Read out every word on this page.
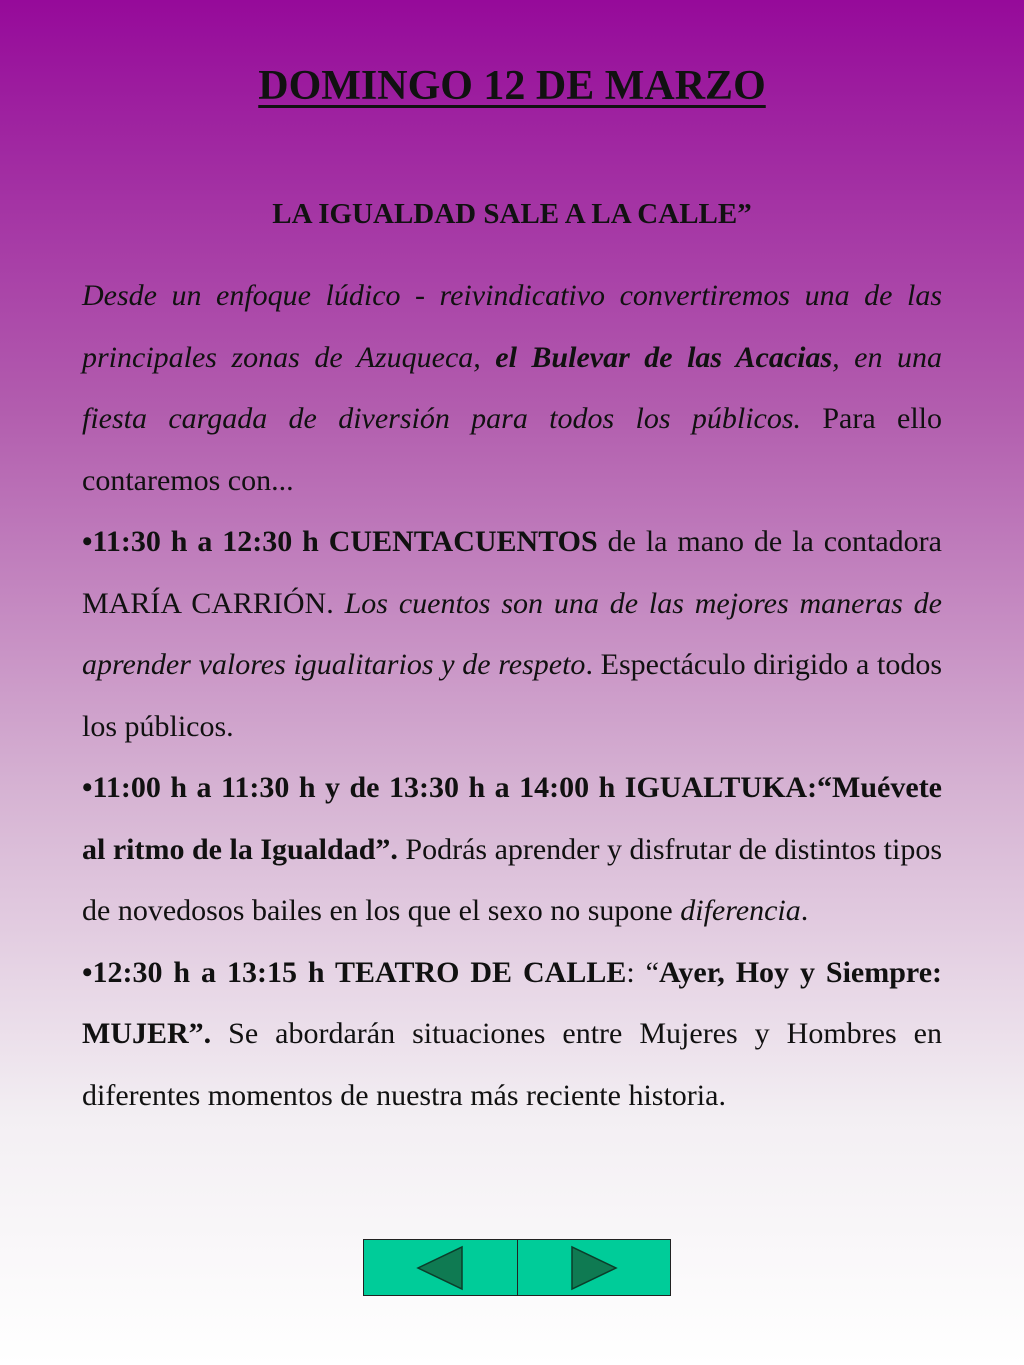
DOMINGO 12 DE MARZO
LA IGUALDAD SALE A LA CALLE”

Desde un enfoque lúdico - reivindicativo convertiremos una de las principales zonas de Azuqueca, el Bulevar de las Acacias, en una fiesta cargada de diversión para todos los públicos. Para ello contaremos con...

•11:30 h a 12:30 h CUENTACUENTOS de la mano de la contadora MARÍA CARRIÓN. Los cuentos son una de las mejores maneras de aprender valores igualitarios y de respeto. Espectáculo dirigido a todos los públicos.

•11:00 h a 11:30 h y de 13:30 h a 14:00 h IGUALTUKA:“Muévete al ritmo de la Igualdad”. Podrás aprender y disfrutar de distintos tipos de novedosos bailes en los que el sexo no supone diferencia.

•12:30 h a 13:15 h TEATRO DE CALLE: “Ayer, Hoy y Siempre: MUJER”. Se abordarán situaciones entre Mujeres y Hombres en diferentes momentos de nuestra más reciente historia.
